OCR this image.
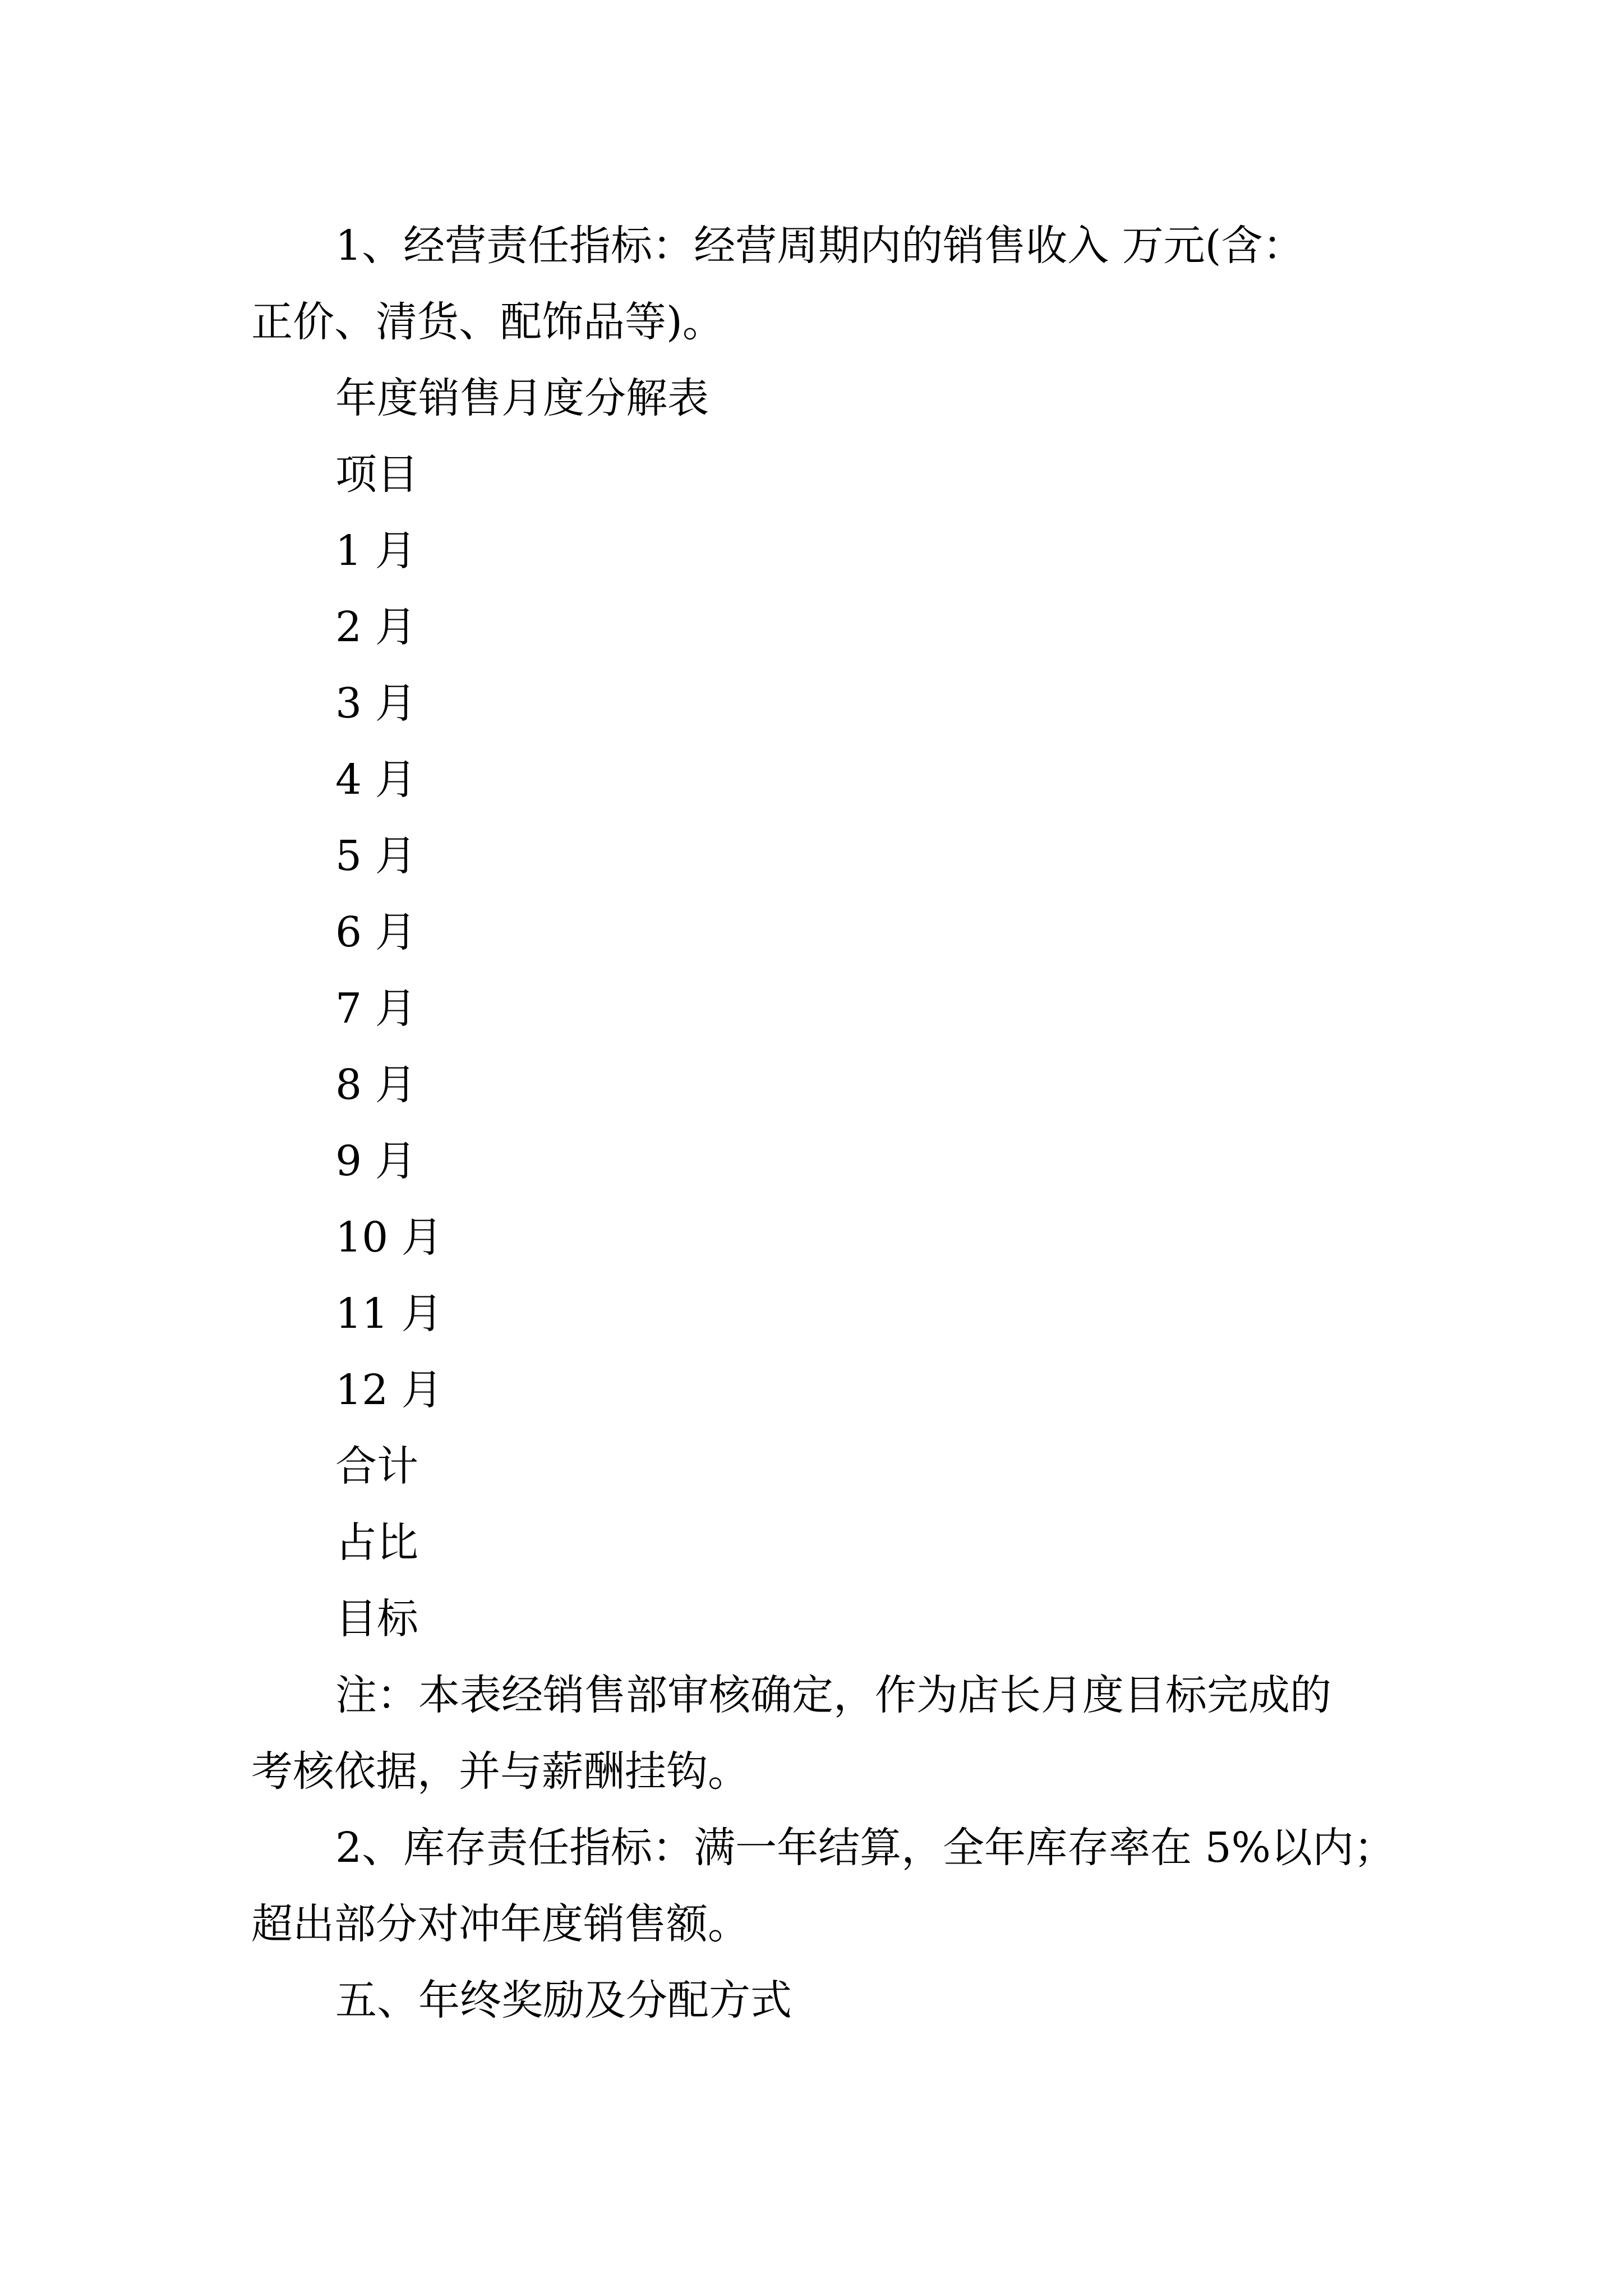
1、经营责任指标：经营周期内的销售收入 万元(含：

正价、清货、配饰品等)。

年度销售月度分解表

项目

1 月

2 月

3 月

4 月

5 月

6 月

7 月

8 月

9 月

10 月

11 月

12 月

合计

占比

目标

注：本表经销售部审核确定，作为店长月度目标完成的

考核依据，并与薪酬挂钩。

2、库存责任指标：满一年结算，全年库存率在 5%以内；

超出部分对冲年度销售额。

五、年终奖励及分配方式
